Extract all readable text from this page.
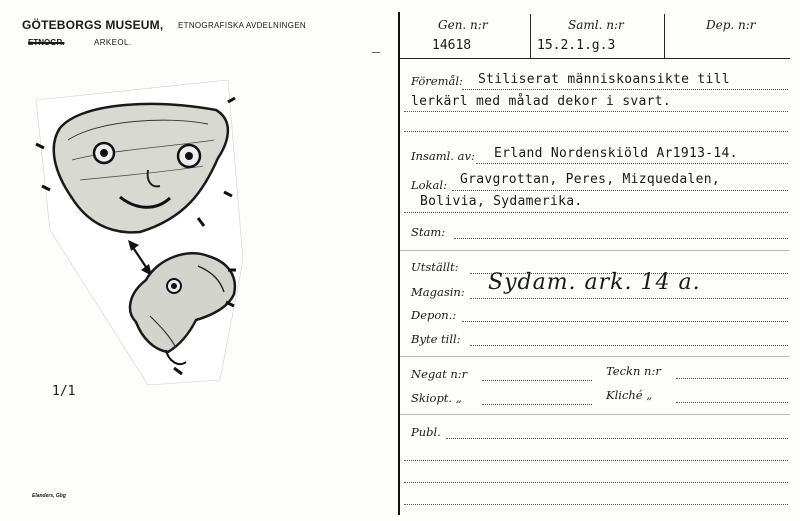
GÖTEBORGS MUSEUM, ETNOGRAFISKA AVDELNINGEN
ETNOGR.	ARKEOL.
1/1
Elanders, Gbg
Gen. n:r
14618
Saml. n:r
15.2.1.g.3
Dep. n:r
Föremål: Stiliserat människoansikte till
lerkärl med målad dekor i svart.
Insaml. av: Erland Nordenskiöld Ar1913-14.
Lokal: Gravgrottan, Peres, Mizquedalen,
Bolivia, Sydamerika.
Stam:
Utställt:
Magasin: Sydam. ark. 14 a.
Depon.:
Byte till:
Negat n:r	Teckn n:r
Skiopt. „	Kliché „
Publ.
